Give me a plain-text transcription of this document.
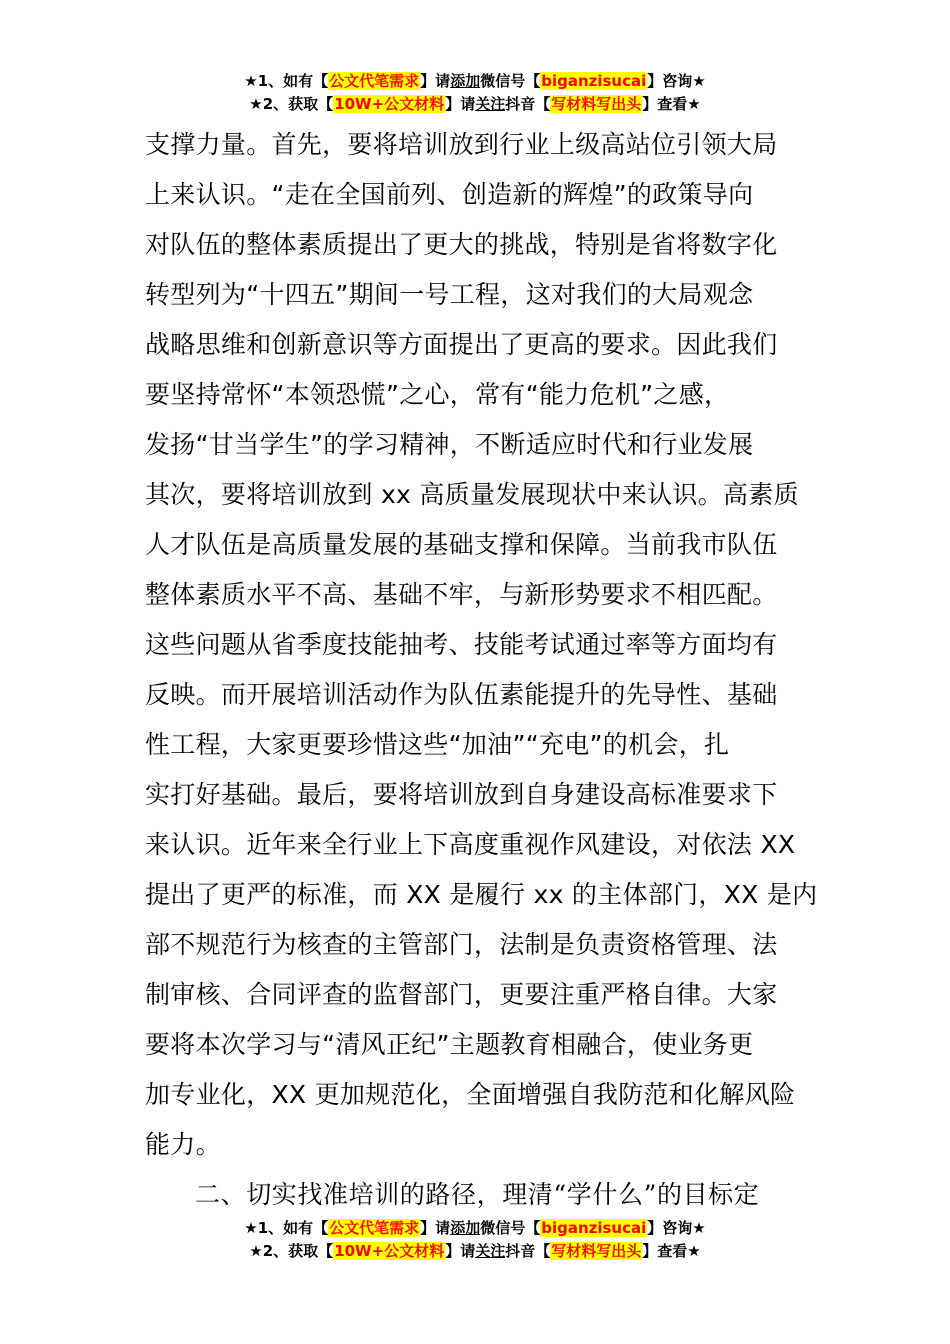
★1、如有【公文代笔需求】请添加微信号【biganzisucai】咨询★
★2、获取【10W+公文材料】请关注抖音【写材料写出头】查看★
支撑力量。首先，要将培训放到行业上级高站位引领大局
上来认识。“走在全国前列、创造新的辉煌”的政策导向
对队伍的整体素质提出了更大的挑战，特别是省将数字化
转型列为“十四五”期间一号工程，这对我们的大局观念
战略思维和创新意识等方面提出了更高的要求。因此我们
要坚持常怀“本领恐慌”之心，常有“能力危机”之感，
发扬“甘当学生”的学习精神，不断适应时代和行业发展
其次，要将培训放到 xx 高质量发展现状中来认识。高素质
人才队伍是高质量发展的基础支撑和保障。当前我市队伍
整体素质水平不高、基础不牢，与新形势要求不相匹配。
这些问题从省季度技能抽考、技能考试通过率等方面均有
反映。而开展培训活动作为队伍素能提升的先导性、基础
性工程，大家更要珍惜这些“加油”“充电”的机会，扎
实打好基础。最后，要将培训放到自身建设高标准要求下
来认识。近年来全行业上下高度重视作风建设，对依法 XX
提出了更严的标准，而 XX 是履行 xx 的主体部门，XX 是内
部不规范行为核查的主管部门，法制是负责资格管理、法
制审核、合同评查的监督部门，更要注重严格自律。大家
要将本次学习与“清风正纪”主题教育相融合，使业务更
加专业化，XX 更加规范化，全面增强自我防范和化解风险
能力。
二、切实找准培训的路径，理清“学什么”的目标定
★1、如有【公文代笔需求】请添加微信号【biganzisucai】咨询★
★2、获取【10W+公文材料】请关注抖音【写材料写出头】查看★
